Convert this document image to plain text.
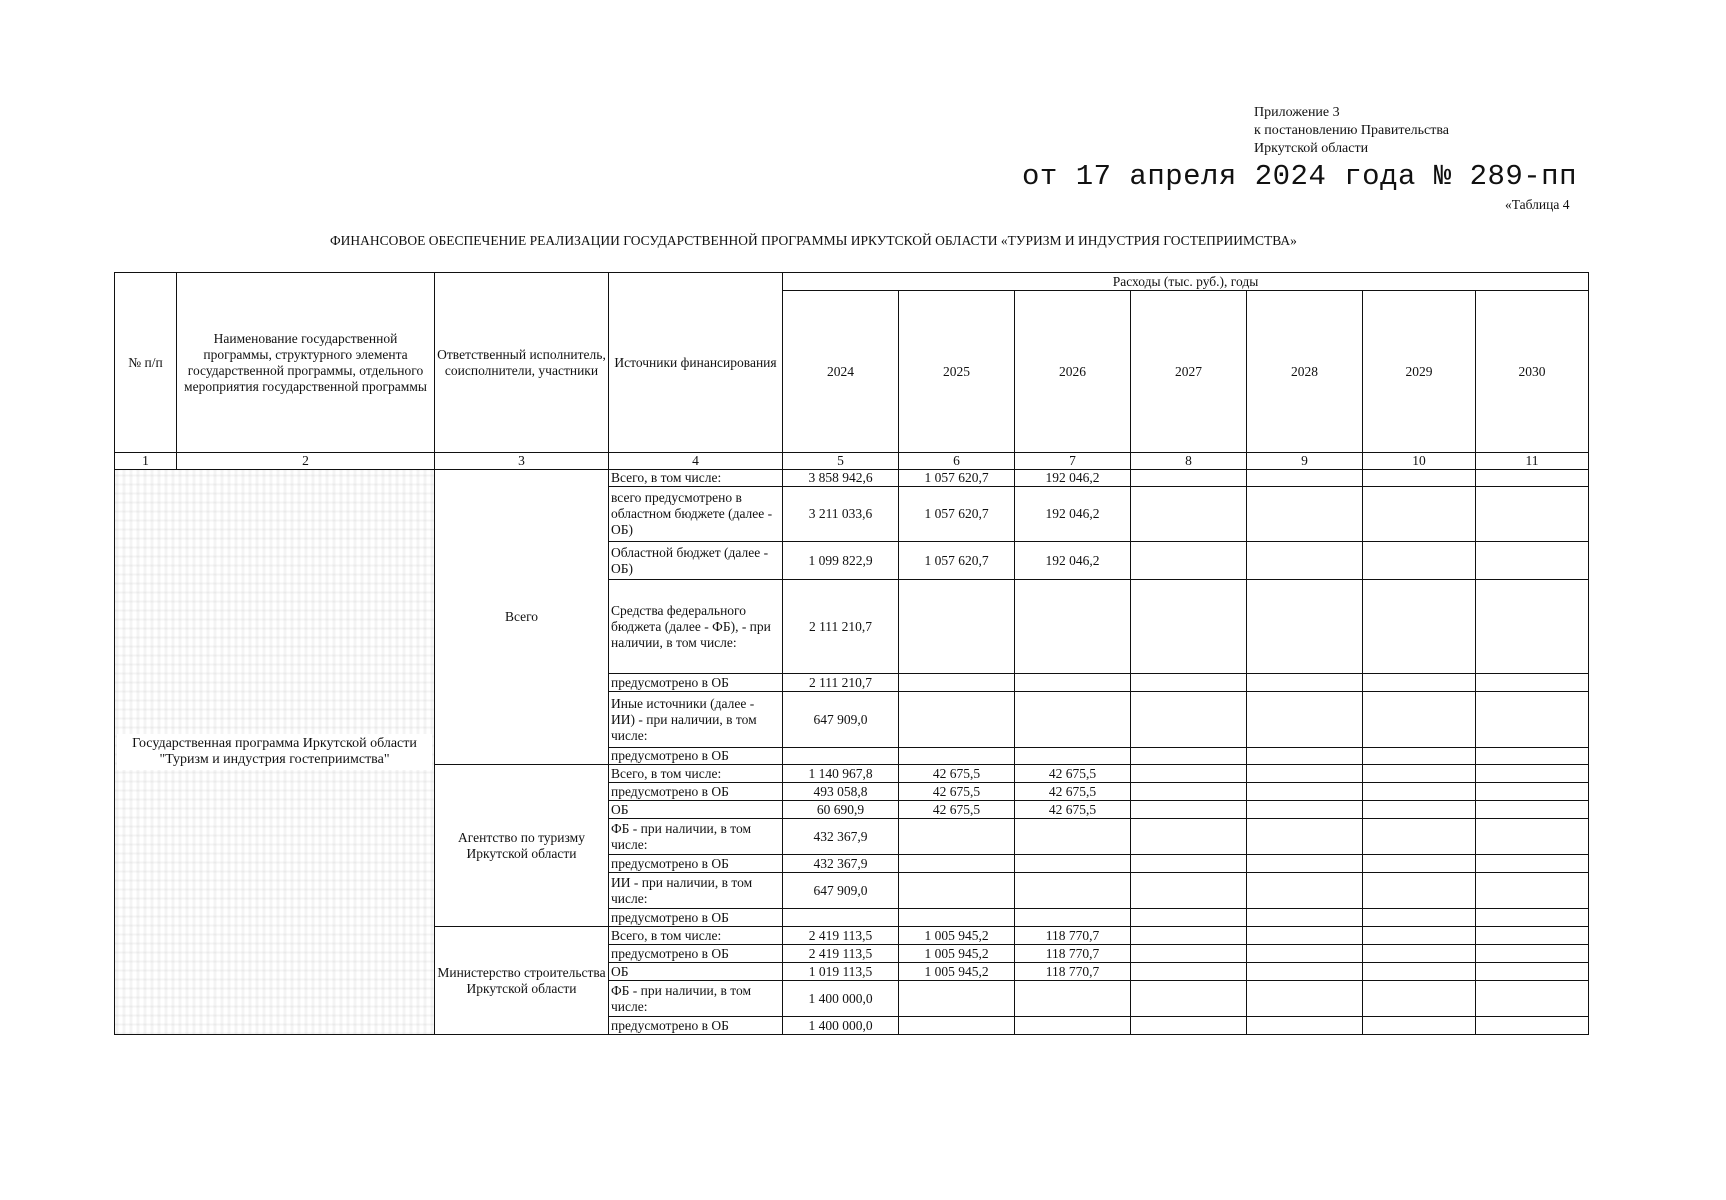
Приложение 3
к постановлению Правительства
Иркутской области
от 17 апреля 2024 года № 289-пп
«Таблица 4
ФИНАНСОВОЕ ОБЕСПЕЧЕНИЕ РЕАЛИЗАЦИИ ГОСУДАРСТВЕННОЙ ПРОГРАММЫ ИРКУТСКОЙ ОБЛАСТИ «ТУРИЗМ И ИНДУСТРИЯ ГОСТЕПРИИМСТВА»
№ п/п	Наименование государственной программы, структурного элемента государственной программы, отдельного мероприятия государственной программы	Ответственный исполнитель, соисполнители, участники	Источники финансирования	Расходы (тыс. руб.), годы						
				2024	2025	2026	2027	2028	2029	2030
1	2	3	4	5	6	7	8	9	10	11

Государственная программа Иркутской области "Туризм и индустрия гостеприимства"		Всего	Всего, в том числе:	3 858 942,6	1 057 620,7	192 046,2				
			всего предусмотрено в областном бюджете (далее - ОБ)	3 211 033,6	1 057 620,7	192 046,2				
			Областной бюджет (далее - ОБ)	1 099 822,9	1 057 620,7	192 046,2				
			Средства федерального бюджета (далее - ФБ), - при наличии, в том числе:	2 111 210,7						
			предусмотрено в ОБ	2 111 210,7						
			Иные источники (далее - ИИ) - при наличии, в том числе:	647 909,0						
			предусмотрено в ОБ							
		Агентство по туризму Иркутской области	Всего, в том числе:	1 140 967,8	42 675,5	42 675,5				
			предусмотрено в ОБ	493 058,8	42 675,5	42 675,5				
			ОБ	60 690,9	42 675,5	42 675,5				
			ФБ - при наличии, в том числе:	432 367,9						
			предусмотрено в ОБ	432 367,9						
			ИИ - при наличии, в том числе:	647 909,0						
			предусмотрено в ОБ							
		Министерство строительства Иркутской области	Всего, в том числе:	2 419 113,5	1 005 945,2	118 770,7				
			предусмотрено в ОБ	2 419 113,5	1 005 945,2	118 770,7				
			ОБ	1 019 113,5	1 005 945,2	118 770,7				
			ФБ - при наличии, в том числе:	1 400 000,0						
			предусмотрено в ОБ	1 400 000,0						
